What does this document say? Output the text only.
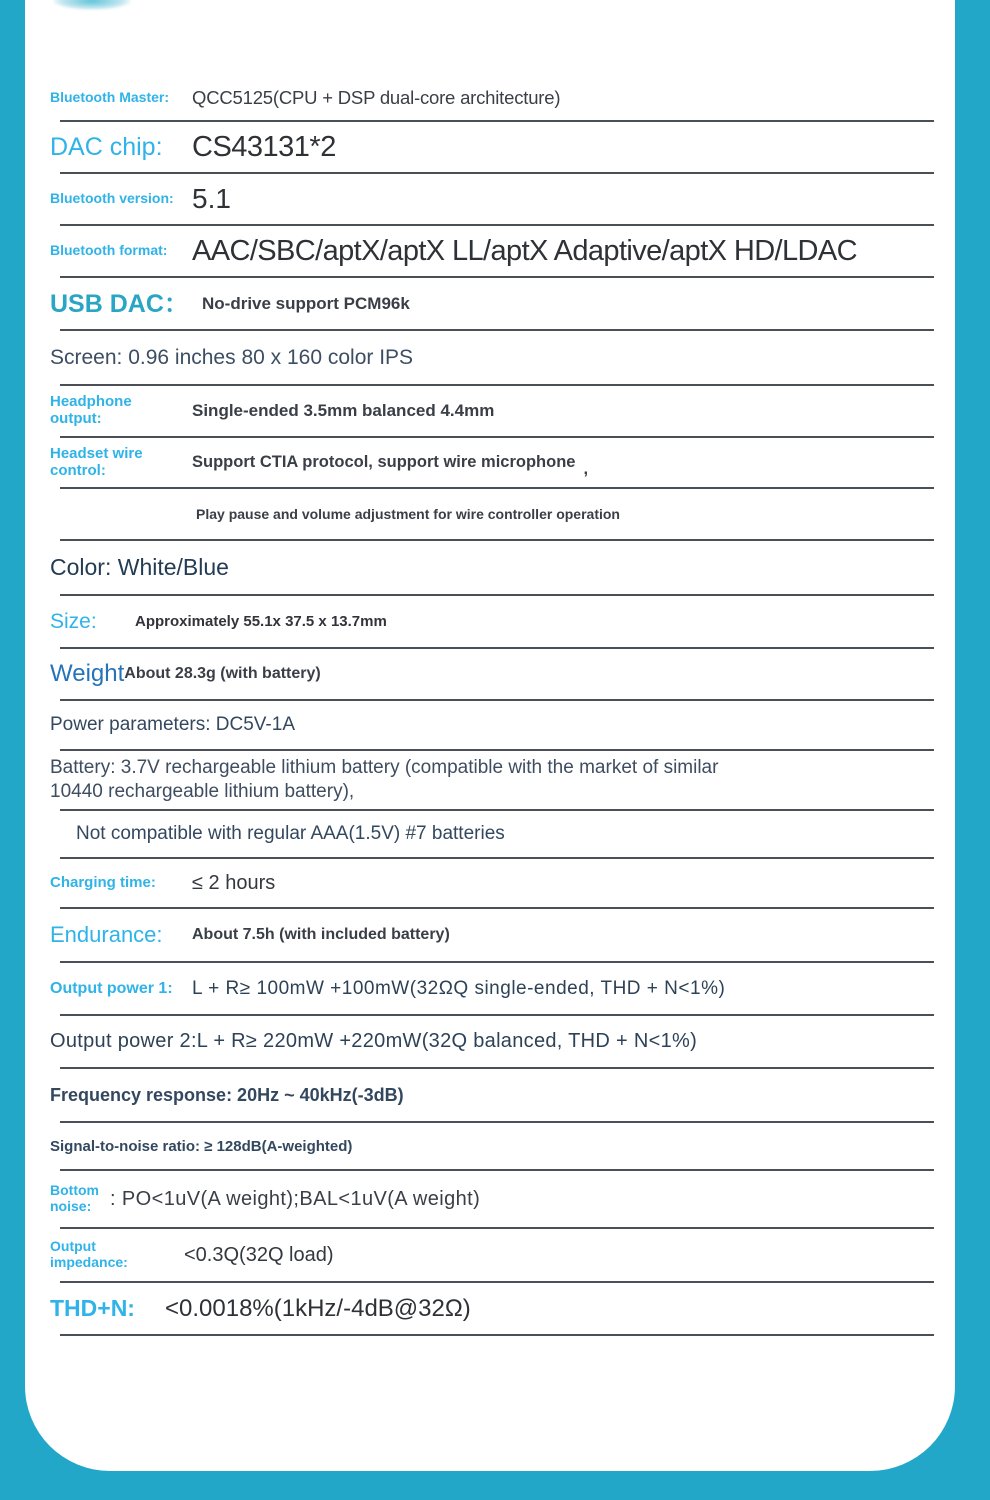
Bluetooth Master:	QCC5125(CPU + DSP dual-core architecture)
DAC chip:	CS43131*2
Bluetooth version: 5.1
Bluetooth format: AAC/SBC/aptX/aptX LL/aptX Adaptive/aptX HD/LDAC
USB DAC： No-drive support PCM96k
Screen: 0.96 inches 80 x 160 color IPS
Headphone
output:	Single-ended 3.5mm balanced 4.4mm
Headset wire
control:	Support CTIA protocol, support wire microphone ,
Play pause and volume adjustment for wire controller operation
Color: White/Blue
Size:	Approximately 55.1x 37.5 x 13.7mm
Weight About 28.3g (with battery)
Power parameters: DC5V-1A
Battery: 3.7V rechargeable lithium battery (compatible with the market of similar
10440 rechargeable lithium battery),
Not compatible with regular AAA(1.5V) #7 batteries
Charging time:	≤ 2 hours
Endurance:	About 7.5h (with included battery)
Output power 1:	L + R≥ 100mW +100mW(32ΩQ single-ended, THD + N<1%)
Output power 2:L + R≥ 220mW +220mW(32Q balanced, THD + N<1%)
Frequency response: 20Hz ~ 40kHz(-3dB)
Signal-to-noise ratio: ≥ 128dB(A-weighted)
Bottom
noise: : PO<1uV(A weight);BAL<1uV(A weight)
Output
impedance:	<0.3Q(32Q load)
THD+N:	<0.0018%(1kHz/-4dB@32Ω)
